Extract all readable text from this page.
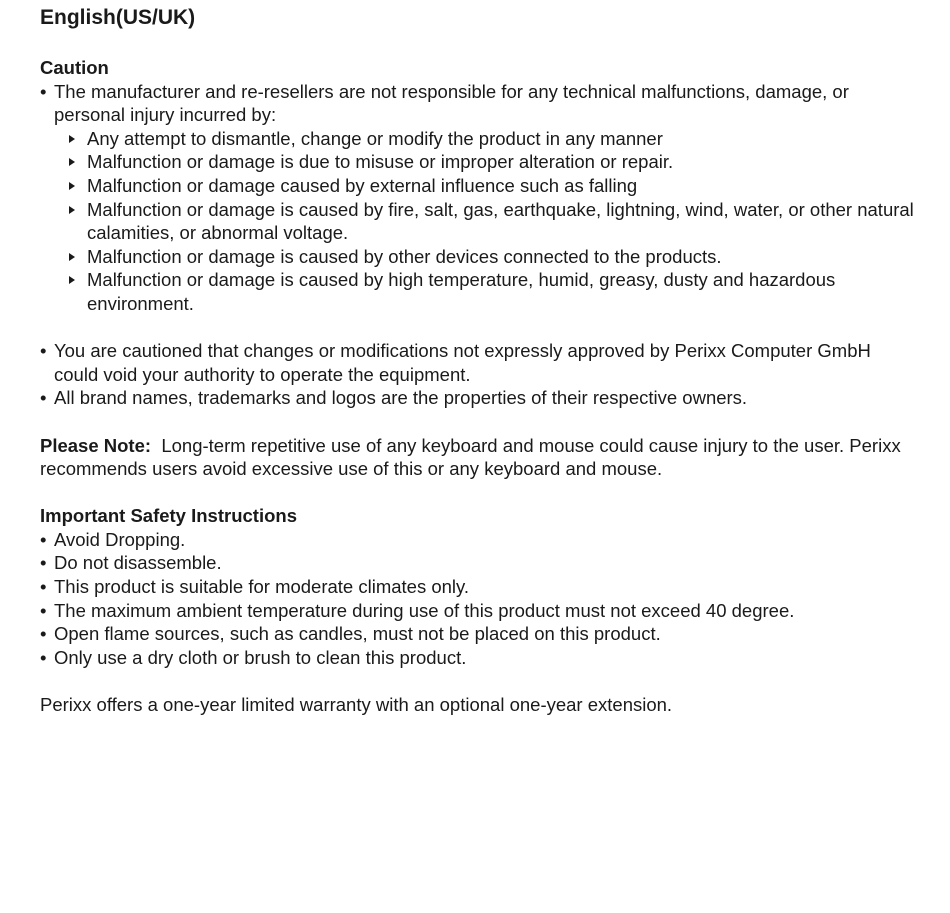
English(US/UK)
Caution
• The manufacturer and re-resellers are not responsible for any technical malfunctions, damage, or personal injury incurred by:
Any attempt to dismantle, change or modify the product in any manner
Malfunction or damage is due to misuse or improper alteration or repair.
Malfunction or damage caused by external influence such as falling
Malfunction or damage is caused by fire, salt, gas, earthquake, lightning, wind, water, or other natural calamities, or abnormal voltage.
Malfunction or damage is caused by other devices connected to the products.
Malfunction or damage is caused by high temperature, humid, greasy, dusty and hazardous environment.
• You are cautioned that changes or modifications not expressly approved by Perixx Computer GmbH could void your authority to operate the equipment.
• All brand names, trademarks and logos are the properties of their respective owners.

Please Note: Long-term repetitive use of any keyboard and mouse could cause injury to the user. Perixx recommends users avoid excessive use of this or any keyboard and mouse.

Important Safety Instructions
• Avoid Dropping.
• Do not disassemble.
• This product is suitable for moderate climates only.
• The maximum ambient temperature during use of this product must not exceed 40 degree.
• Open flame sources, such as candles, must not be placed on this product.
• Only use a dry cloth or brush to clean this product.

Perixx offers a one-year limited warranty with an optional one-year extension.
